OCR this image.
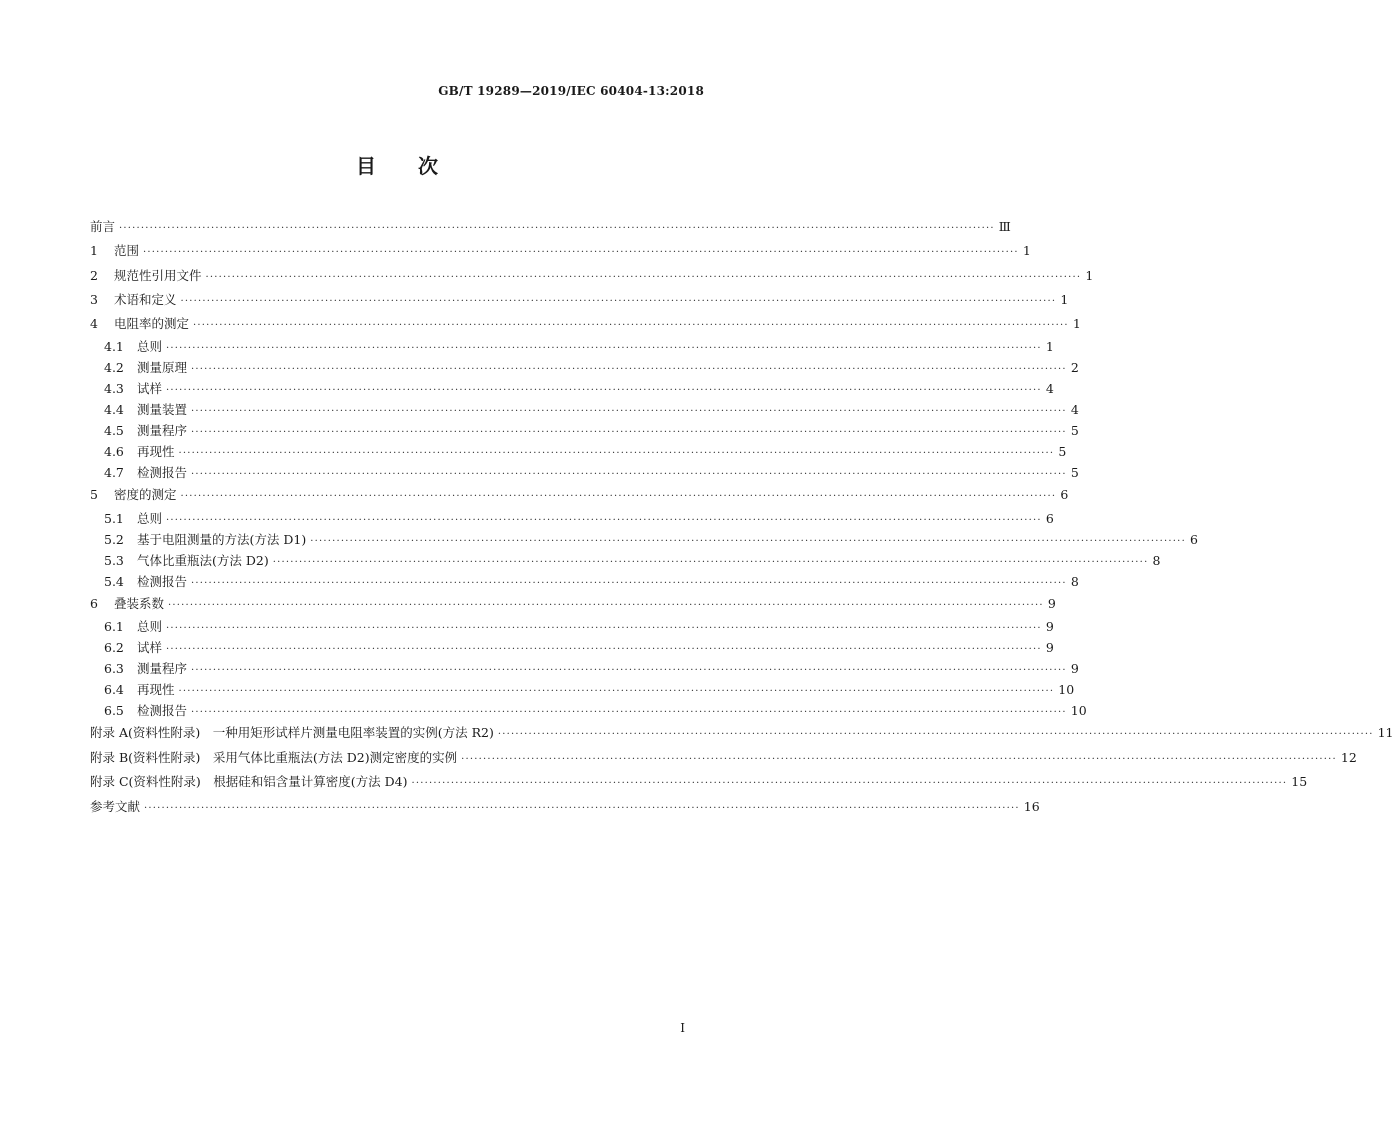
GB/T 19289—2019/IEC 60404-13:2018
目 次
前言 ········································································································································································································ Ⅲ
1	范围 ········································································································································································································ 1
2	规范性引用文件 ········································································································································································································ 1
3	术语和定义 ········································································································································································································ 1
4	电阻率的测定 ········································································································································································································ 1
4.1	总则 ········································································································································································································ 1
4.2	测量原理 ········································································································································································································ 2
4.3	试样 ········································································································································································································ 4
4.4	测量装置 ········································································································································································································ 4
4.5	测量程序 ········································································································································································································ 5
4.6	再现性 ········································································································································································································ 5
4.7	检测报告 ········································································································································································································ 5
5	密度的测定 ········································································································································································································ 6
5.1	总则 ········································································································································································································ 6
5.2	基于电阻测量的方法(方法 D1) ········································································································································································································ 6
5.3	气体比重瓶法(方法 D2) ········································································································································································································ 8
5.4	检测报告 ········································································································································································································ 8
6	叠装系数 ········································································································································································································ 9
6.1	总则 ········································································································································································································ 9
6.2	试样 ········································································································································································································ 9
6.3	测量程序 ········································································································································································································ 9
6.4	再现性 ········································································································································································································ 10
6.5	检测报告 ········································································································································································································ 10
附录 A(资料性附录)　一种用矩形试样片测量电阻率装置的实例(方法 R2) ········································································································································································································ 11
附录 B(资料性附录)　采用气体比重瓶法(方法 D2)测定密度的实例 ········································································································································································································ 12
附录 C(资料性附录)　根据硅和铝含量计算密度(方法 D4) ········································································································································································································ 15
参考文献 ········································································································································································································ 16
I
